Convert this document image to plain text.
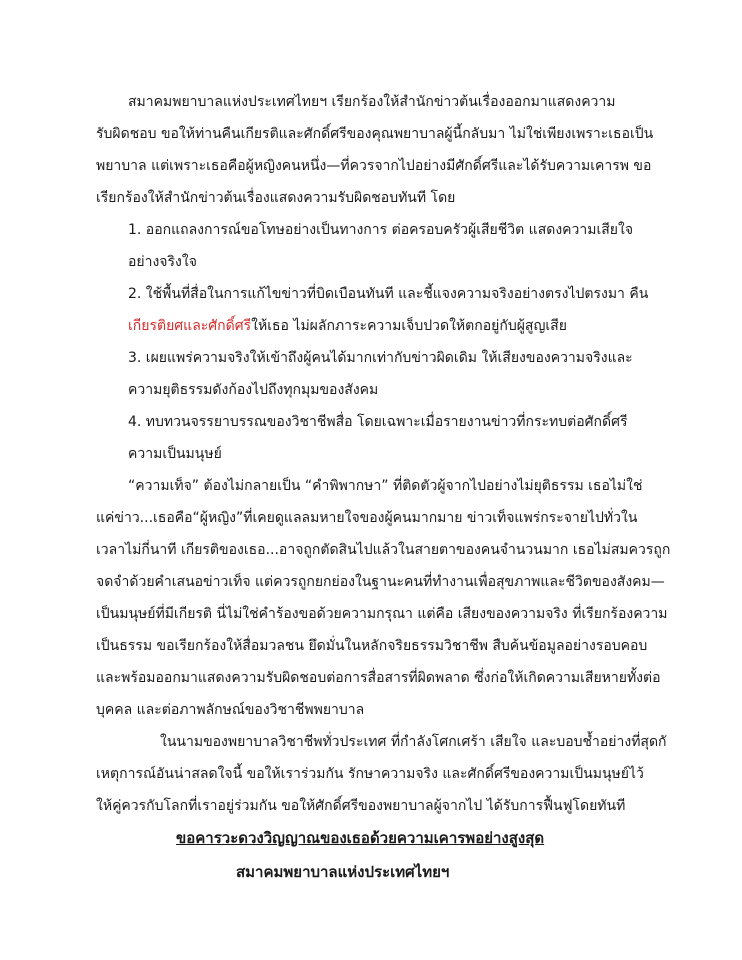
สมาคมพยาบาลแห่งประเทศไทยฯ เรียกร้องให้สำนักข่าวต้นเรื่องออกมาแสดงความ
รับผิดชอบ ขอให้ท่านคืนเกียรติและศักดิ์ศรีของคุณพยาบาลผู้นี้กลับมา ไม่ใช่เพียงเพราะเธอเป็น
พยาบาล แต่เพราะเธอคือผู้หญิงคนหนึ่ง—ที่ควรจากไปอย่างมีศักดิ์ศรีและได้รับความเคารพ ขอ
เรียกร้องให้สำนักข่าวต้นเรื่องแสดงความรับผิดชอบทันที โดย
1. ออกแถลงการณ์ขอโทษอย่างเป็นทางการ ต่อครอบครัวผู้เสียชีวิต แสดงความเสียใจ
อย่างจริงใจ
2. ใช้พื้นที่สื่อในการแก้ไขข่าวที่บิดเบือนทันที และชี้แจงความจริงอย่างตรงไปตรงมา คืน
เกียรติยศและศักดิ์ศรีให้เธอ ไม่ผลักภาระความเจ็บปวดให้ตกอยู่กับผู้สูญเสีย
3. เผยแพร่ความจริงให้เข้าถึงผู้คนได้มากเท่ากับข่าวผิดเดิม ให้เสียงของความจริงและ
ความยุติธรรมดังก้องไปถึงทุกมุมของสังคม
4. ทบทวนจรรยาบรรณของวิชาชีพสื่อ โดยเฉพาะเมื่อรายงานข่าวที่กระทบต่อศักดิ์ศรี
ความเป็นมนุษย์
“ความเท็จ” ต้องไม่กลายเป็น “คำพิพากษา” ที่ติดตัวผู้จากไปอย่างไม่ยุติธรรม เธอไม่ใช่
แค่ข่าว...เธอคือ“ผู้หญิง”ที่เคยดูแลลมหายใจของผู้คนมากมาย ข่าวเท็จแพร่กระจายไปทั่วใน
เวลาไม่กี่นาที เกียรติของเธอ...อาจถูกตัดสินไปแล้วในสายตาของคนจำนวนมาก เธอไม่สมควรถูก
จดจำด้วยคำเสนอข่าวเท็จ แต่ควรถูกยกย่องในฐานะคนที่ทำงานเพื่อสุขภาพและชีวิตของสังคม—
เป็นมนุษย์ที่มีเกียรติ นี่ไม่ใช่คำร้องขอด้วยความกรุณา แต่คือ เสียงของความจริง ที่เรียกร้องความ
เป็นธรรม ขอเรียกร้องให้สื่อมวลชน ยึดมั่นในหลักจริยธรรมวิชาชีพ สืบค้นข้อมูลอย่างรอบคอบ
และพร้อมออกมาแสดงความรับผิดชอบต่อการสื่อสารที่ผิดพลาด ซึ่งก่อให้เกิดความเสียหายทั้งต่อ
บุคคล และต่อภาพลักษณ์ของวิชาชีพพยาบาล
ในนามของพยาบาลวิชาชีพทั่วประเทศ ที่กำลังโศกเศร้า เสียใจ และบอบช้ำอย่างที่สุดกั
เหตุการณ์อันน่าสลดใจนี้ ขอให้เราร่วมกัน รักษาความจริง และศักดิ์ศรีของความเป็นมนุษย์ไว้
ให้คู่ควรกับโลกที่เราอยู่ร่วมกัน ขอให้ศักดิ์ศรีของพยาบาลผู้จากไป ได้รับการฟื้นฟูโดยทันที
ขอคารวะดวงวิญญาณของเธอด้วยความเคารพอย่างสูงสุด
สมาคมพยาบาลแห่งประเทศไทยฯ
